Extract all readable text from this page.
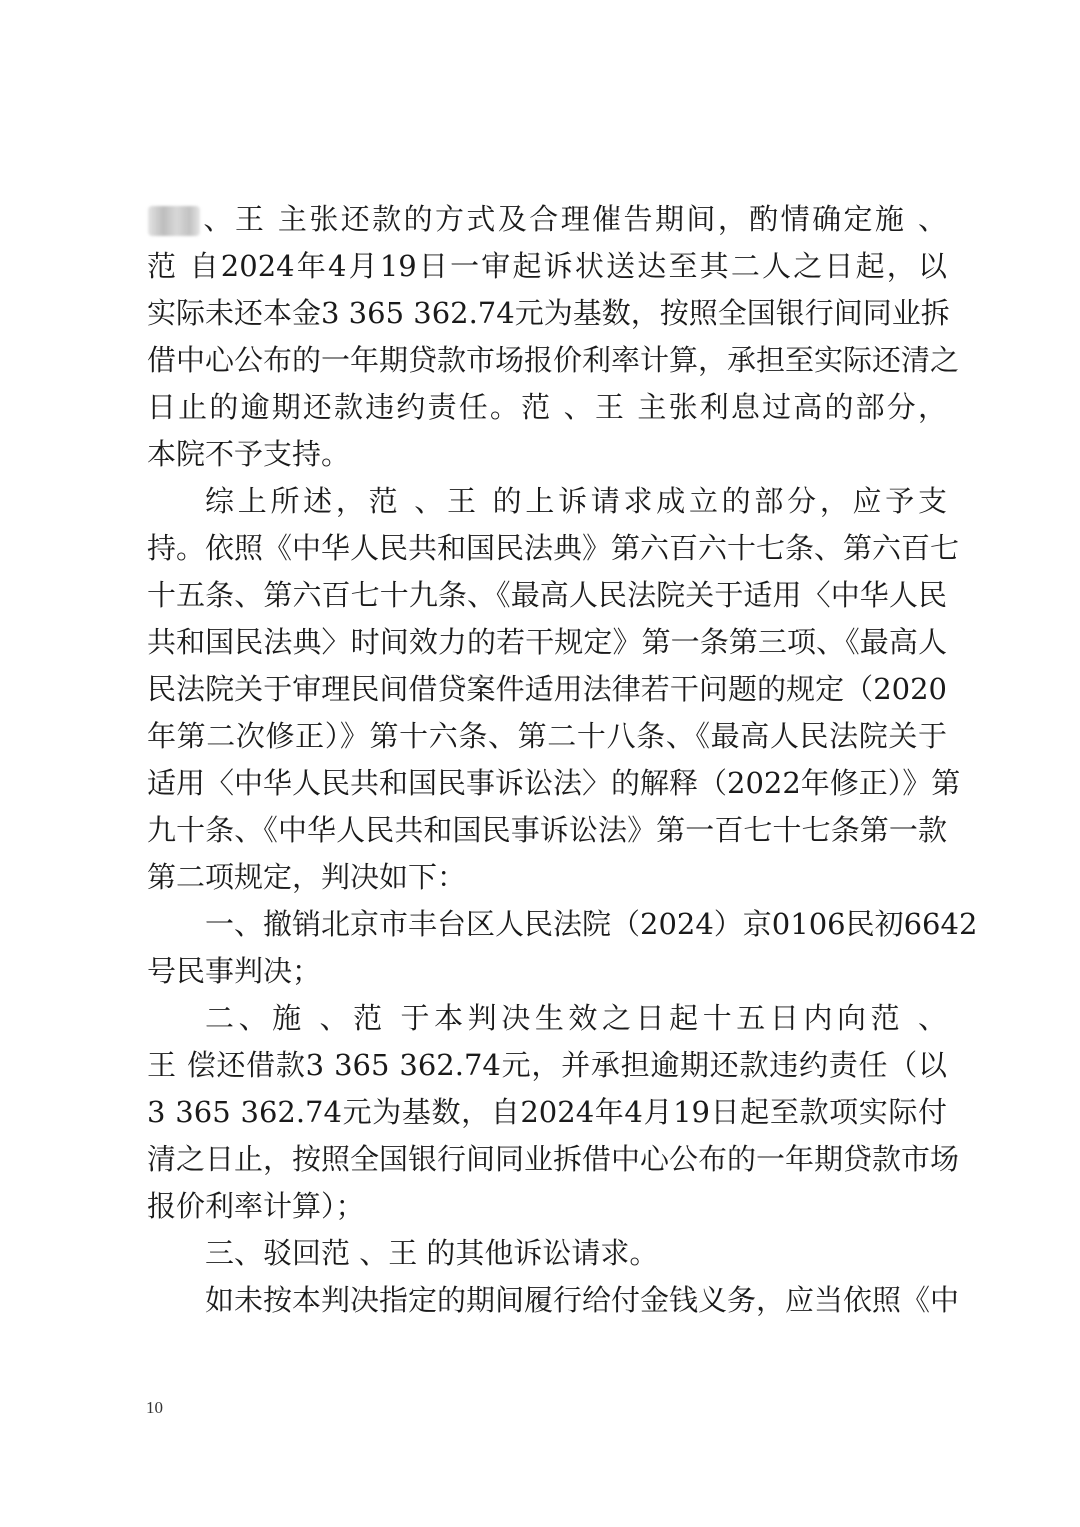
、王 主张还款的方式及合理催告期间，酌情确定施 、
范 自2024年4月19日一审起诉状送达至其二人之日起，以
实际未还本金3 365 362.74元为基数，按照全国银行间同业拆
借中心公布的一年期贷款市场报价利率计算，承担至实际还清之
日止的逾期还款违约责任。范 、王 主张利息过高的部分，
本院不予支持。
综上所述，范 、王 的上诉请求成立的部分，应予支
持。依照《中华人民共和国民法典》第六百六十七条、第六百七
十五条、第六百七十九条、《最高人民法院关于适用〈中华人民
共和国民法典〉时间效力的若干规定》第一条第三项、《最高人
民法院关于审理民间借贷案件适用法律若干问题的规定（2020
年第二次修正）》第十六条、第二十八条、《最高人民法院关于
适用〈中华人民共和国民事诉讼法〉的解释（2022年修正）》第
九十条、《中华人民共和国民事诉讼法》第一百七十七条第一款
第二项规定，判决如下：
一、撤销北京市丰台区人民法院（2024）京0106民初6642
号民事判决；
二、施 、范 于本判决生效之日起十五日内向范 、
王 偿还借款3 365 362.74元，并承担逾期还款违约责任（以
3 365 362.74元为基数，自2024年4月19日起至款项实际付
清之日止，按照全国银行间同业拆借中心公布的一年期贷款市场
报价利率计算）；
三、驳回范 、王 的其他诉讼请求。
如未按本判决指定的期间履行给付金钱义务，应当依照《中
10
